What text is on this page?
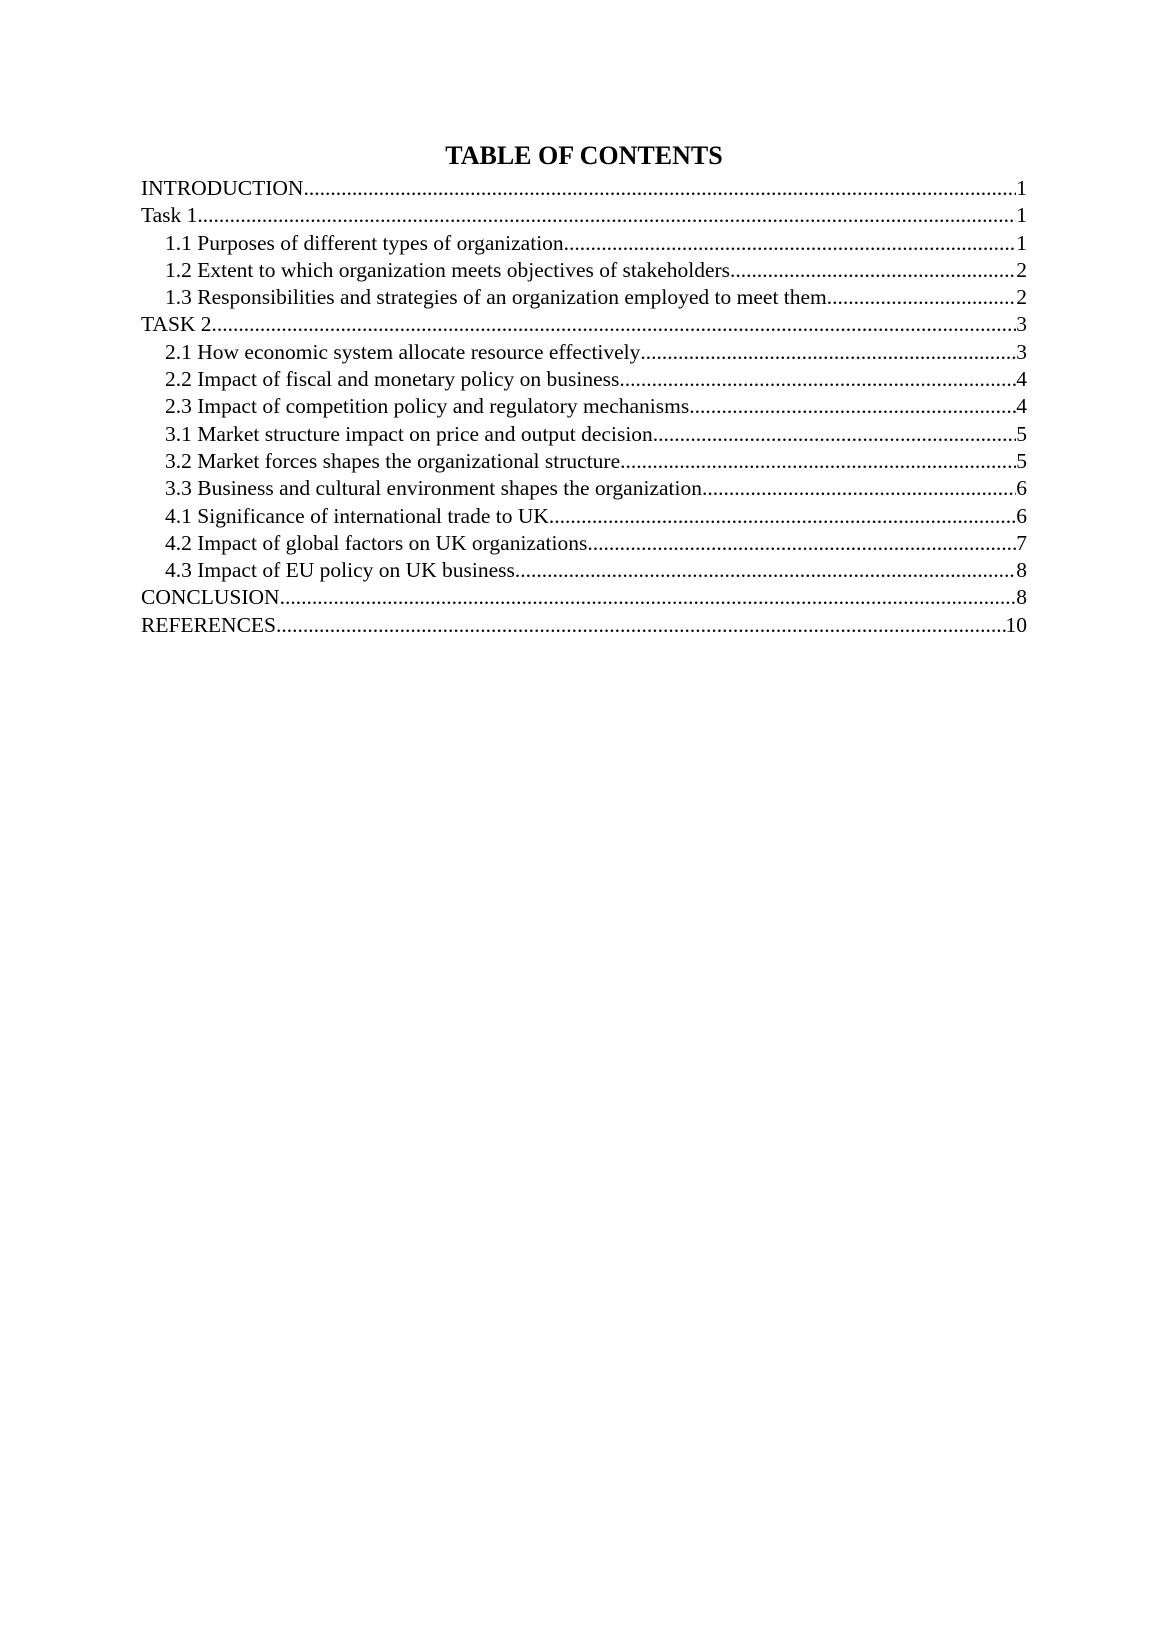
TABLE OF CONTENTS
INTRODUCTION .....	1
Task 1 .....	1
1.1 Purposes of different types of organization .....	1
1.2 Extent to which organization meets objectives of stakeholders .....	2
1.3 Responsibilities and strategies of an organization employed to meet them .....	2
TASK 2 .....	3
2.1 How economic system allocate resource effectively .....	3
2.2 Impact of fiscal and monetary policy on business .....	4
2.3 Impact of competition policy and regulatory mechanisms .....	4
3.1 Market structure impact on price and output decision .....	5
3.2 Market forces shapes the organizational structure .....	5
3.3 Business and cultural environment shapes the organization .....	6
4.1 Significance of international trade to UK .....	6
4.2 Impact of global factors on UK organizations .....	7
4.3 Impact of EU policy on UK business .....	8
CONCLUSION .....	8
REFERENCES .....	10
